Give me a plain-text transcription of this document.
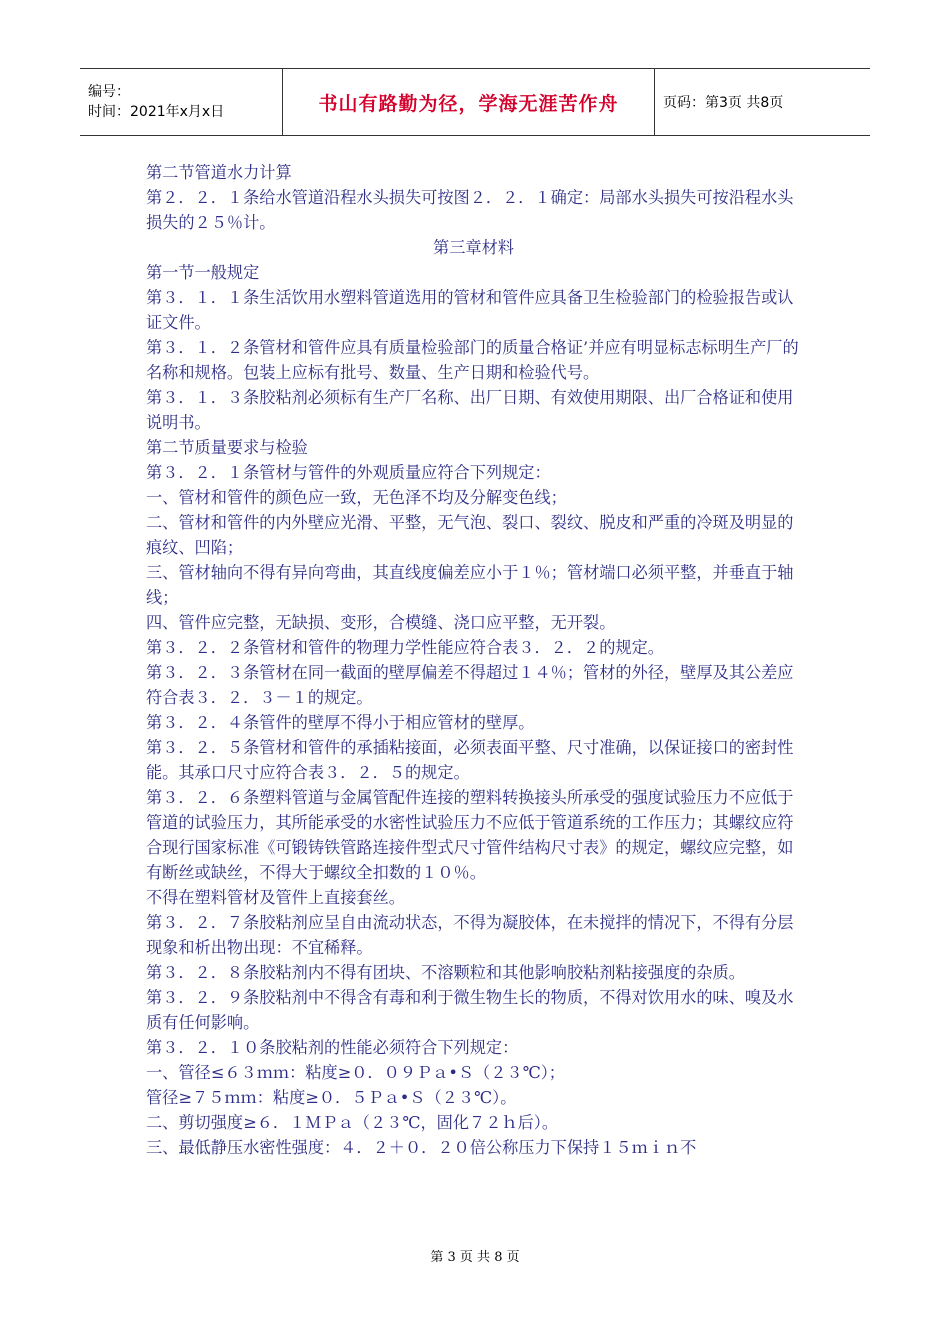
编号：
时间：2021年x月x日	书山有路勤为径，学海无涯苦作舟	页码：第3页 共8页

第二节管道水力计算

第２．２．１条给水管道沿程水头损失可按图２．２．１确定：局部水头损失可按沿程水头损失的２５％计。

第三章材料

第一节一般规定

第３．１．１条生活饮用水塑料管道选用的管材和管件应具备卫生检验部门的检验报告或认证文件。

第３．１．２条管材和管件应具有质量检验部门的质量合格证’并应有明显标志标明生产厂的名称和规格。包装上应标有批号、数量、生产日期和检验代号。

第３．１．３条胶粘剂必须标有生产厂名称、出厂日期、有效使用期限、出厂合格证和使用说明书。

第二节质量要求与检验

第３．２．１条管材与管件的外观质量应符合下列规定：

一、管材和管件的颜色应一致，无色泽不均及分解变色线；

二、管材和管件的内外壁应光滑、平整，无气泡、裂口、裂纹、脱皮和严重的冷斑及明显的痕纹、凹陷；

三、管材轴向不得有异向弯曲，其直线度偏差应小于１％；管材端口必须平整，并垂直于轴线；

四、管件应完整，无缺损、变形，合模缝、浇口应平整，无开裂。

第３．２．２条管材和管件的物理力学性能应符合表３．２．２的规定。

第３．２．３条管材在同一截面的壁厚偏差不得超过１４％；管材的外径，壁厚及其公差应符合表３．２．３－１的规定。

第３．２．４条管件的壁厚不得小于相应管材的壁厚。

第３．２．５条管材和管件的承插粘接面，必须表面平整、尺寸准确，以保证接口的密封性能。其承口尺寸应符合表３．２．５的规定。

第３．２．６条塑料管道与金属管配件连接的塑料转换接头所承受的强度试验压力不应低于管道的试验压力，其所能承受的水密性试验压力不应低于管道系统的工作压力；其螺纹应符合现行国家标准《可锻铸铁管路连接件型式尺寸管件结构尺寸表》的规定，螺纹应完整，如有断丝或缺丝，不得大于螺纹全扣数的１０％。

不得在塑料管材及管件上直接套丝。

第３．２．７条胶粘剂应呈自由流动状态，不得为凝胶体，在未搅拌的情况下，不得有分层现象和析出物出现：不宜稀释。

第３．２．８条胶粘剂内不得有团块、不溶颗粒和其他影响胶粘剂粘接强度的杂质。

第３．２．９条胶粘剂中不得含有毒和利于微生物生长的物质，不得对饮用水的味、嗅及水质有任何影响。

第３．２．１０条胶粘剂的性能必须符合下列规定：

一、管径≤６３ｍｍ：粘度≥０．０９Ｐａ•Ｓ（２３℃）；

管径≥７５ｍｍ：粘度≥０．５Ｐａ•Ｓ（２３℃）。

二、剪切强度≥６．１ＭＰａ（２３℃，固化７２ｈ后）。

三、最低静压水密性强度：４．２＋０．２０倍公称压力下保持１５ｍｉｎ不

第 3 页 共 8 页
